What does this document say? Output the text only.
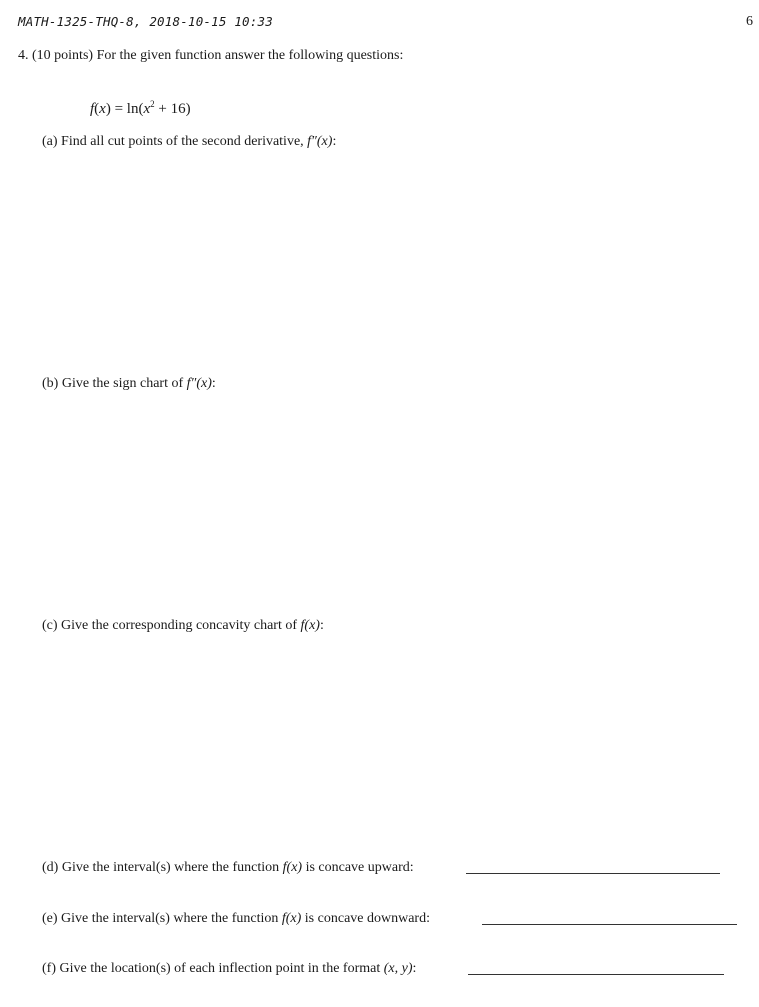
MATH-1325-THQ-8, 2018-10-15 10:33	6
4. (10 points) For the given function answer the following questions:
$f(x) = \ln(x^2 + 16)$
(a) Find all cut points of the second derivative, f″(x):
(b) Give the sign chart of f″(x):
(c) Give the corresponding concavity chart of f(x):
(d) Give the interval(s) where the function f(x) is concave upward:
(e) Give the interval(s) where the function f(x) is concave downward:
(f) Give the location(s) of each inflection point in the format (x, y):
